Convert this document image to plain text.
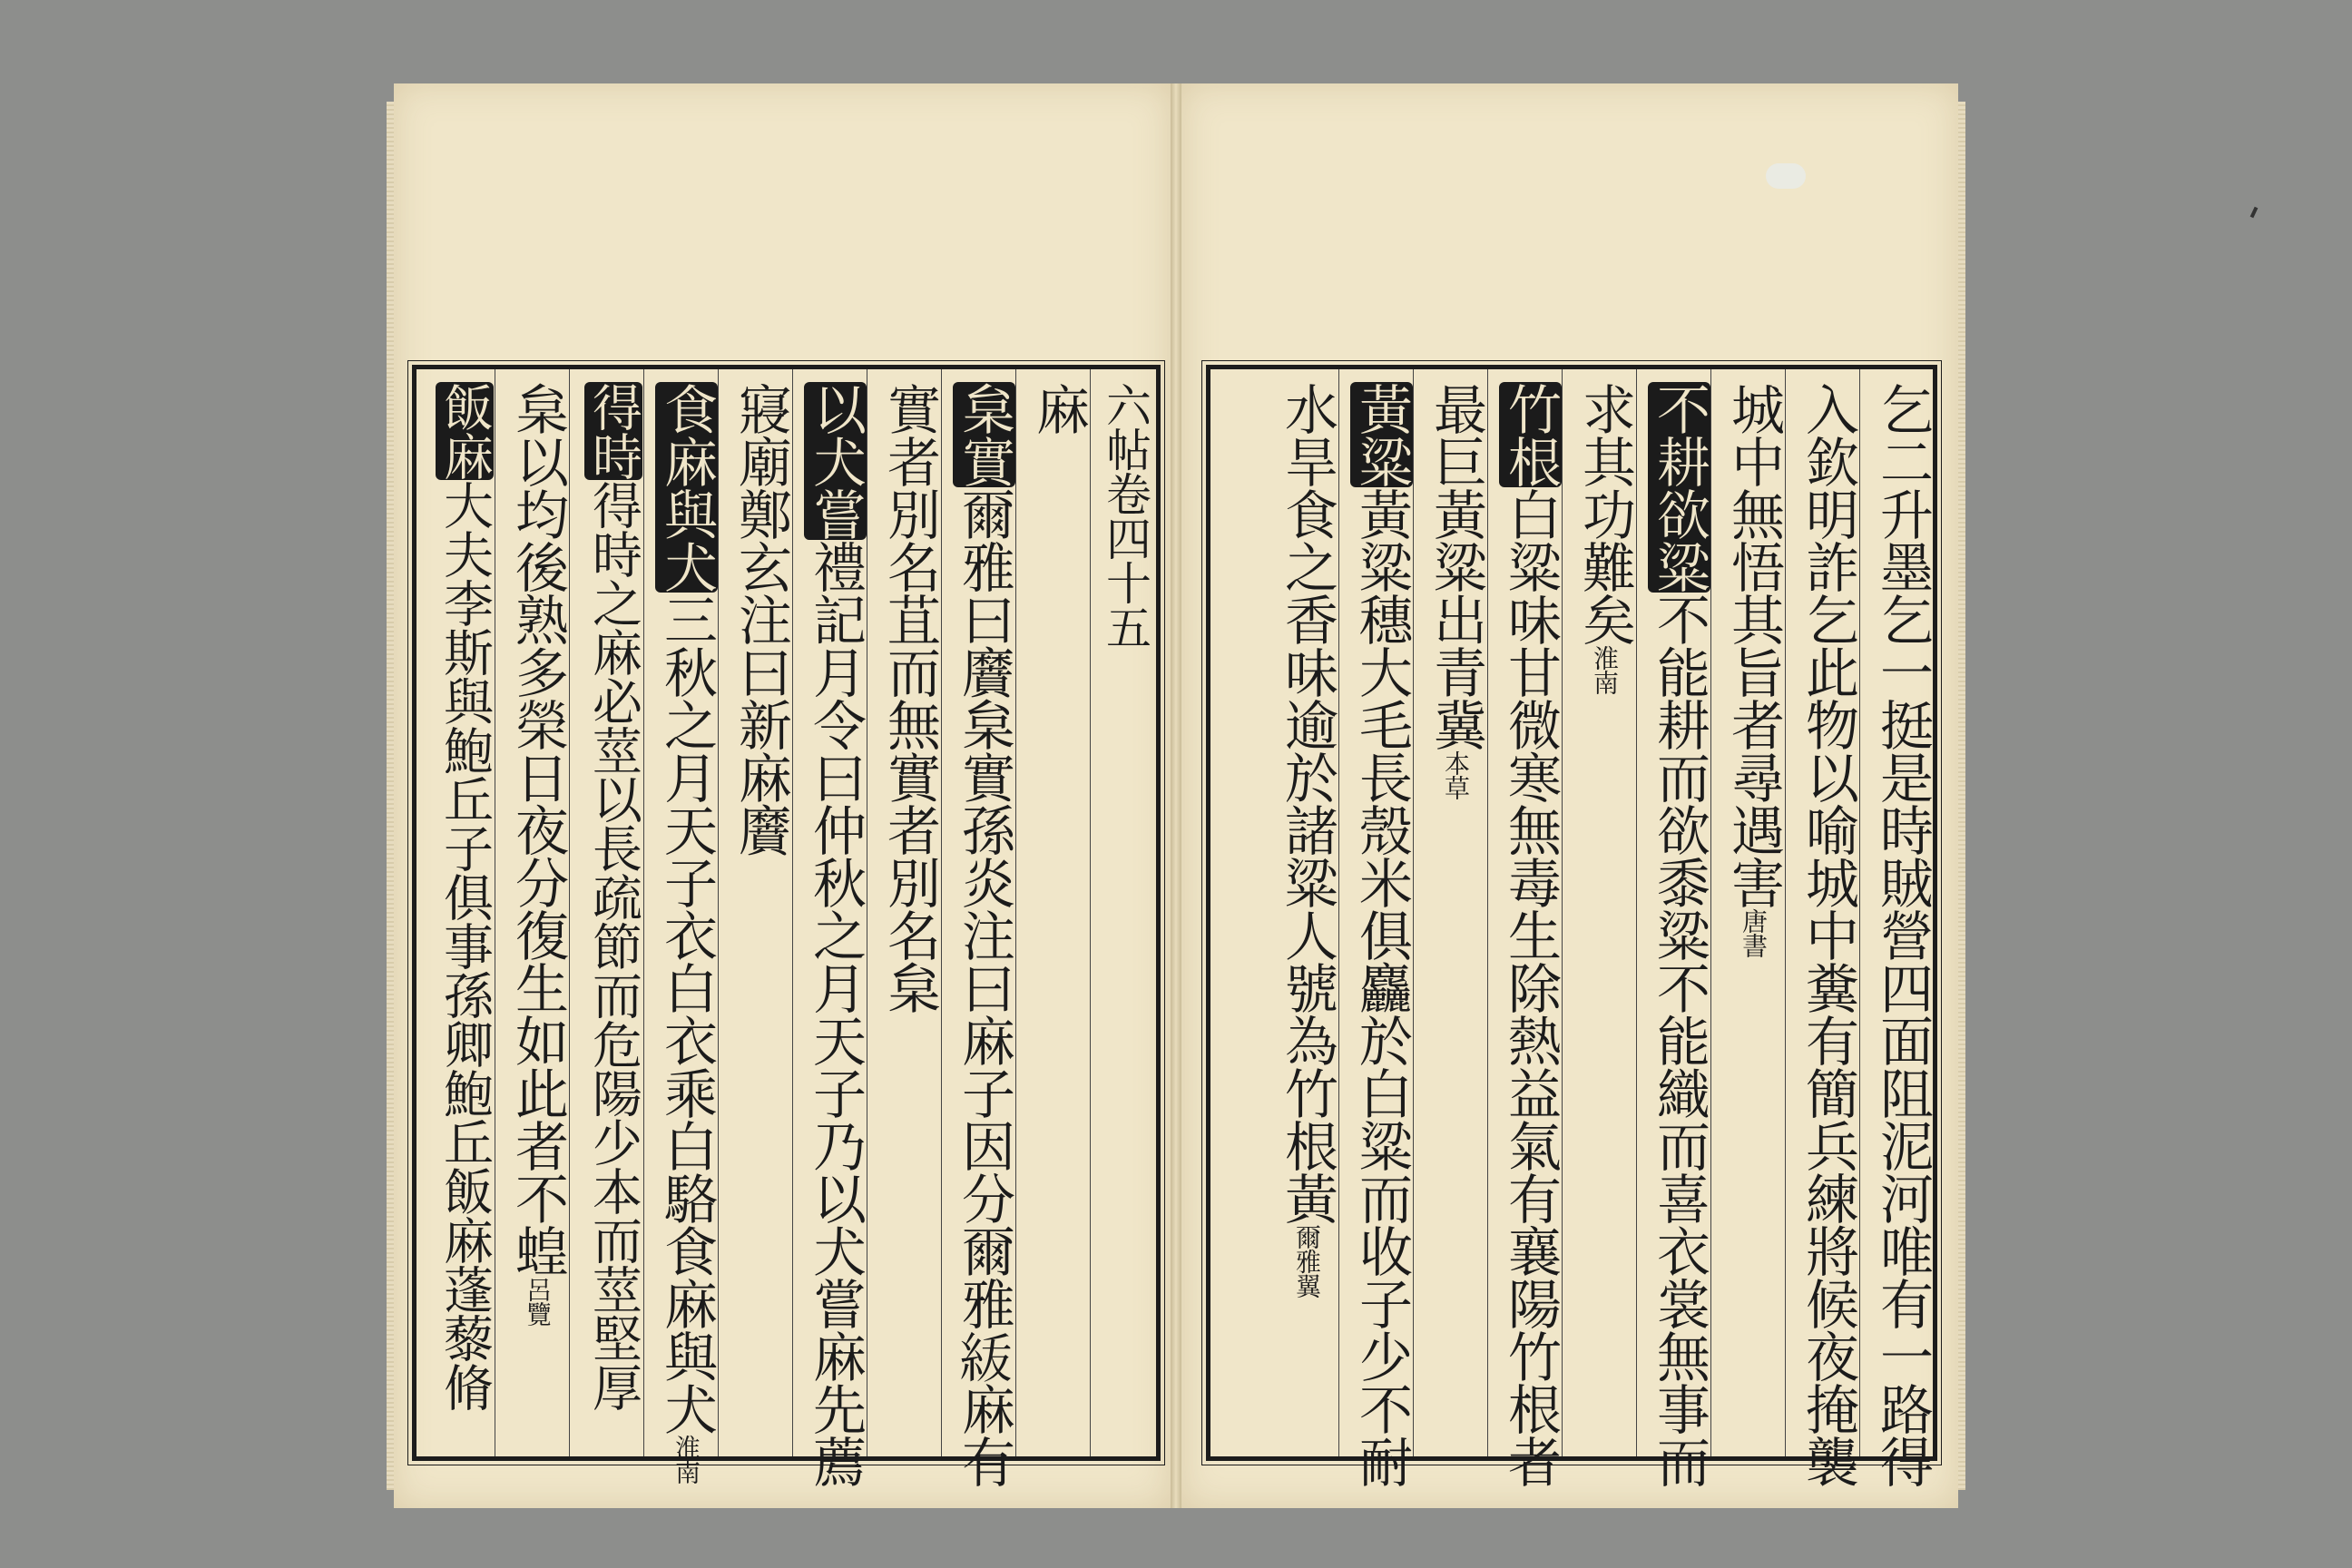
六帖卷四十五
麻
枲實爾雅曰黂枲實孫炎注曰麻子因分爾雅𥿈麻有
實者別名苴而無實者別名枲
以犬嘗禮記月令曰仲秋之月天子乃以犬嘗麻先薦
寢廟鄭玄注曰新麻黂
食麻與犬三秋之月天子衣白衣乘白駱食麻與犬淮南
得時得時之麻必莖以長疏節而危陽少本而莖堅厚
枲以均後熟多榮日夜分復生如此者不蝗呂覽
飯麻大夫李斯與鮑丘子俱事孫卿鮑丘飯麻蓬藜脩	乞二升墨乞一挺是時賊營四面阻泥河唯有一路得
入欽明詐乞此物以喻城中糞有簡兵練將候夜掩襲
城中無悟其旨者尋遇害唐書
不耕欲粱不能耕而欲黍粱不能織而喜衣裳無事而
求其功難矣淮南
竹根白粱味甘微寒無毒生除熱益氣有襄陽竹根者
最巨黃粱出青冀本草
黃粱黃粱穗大毛長殼米俱麤於白粱而收子少不耐
水旱食之香味逾於諸粱人號為竹根黃爾雅翼
